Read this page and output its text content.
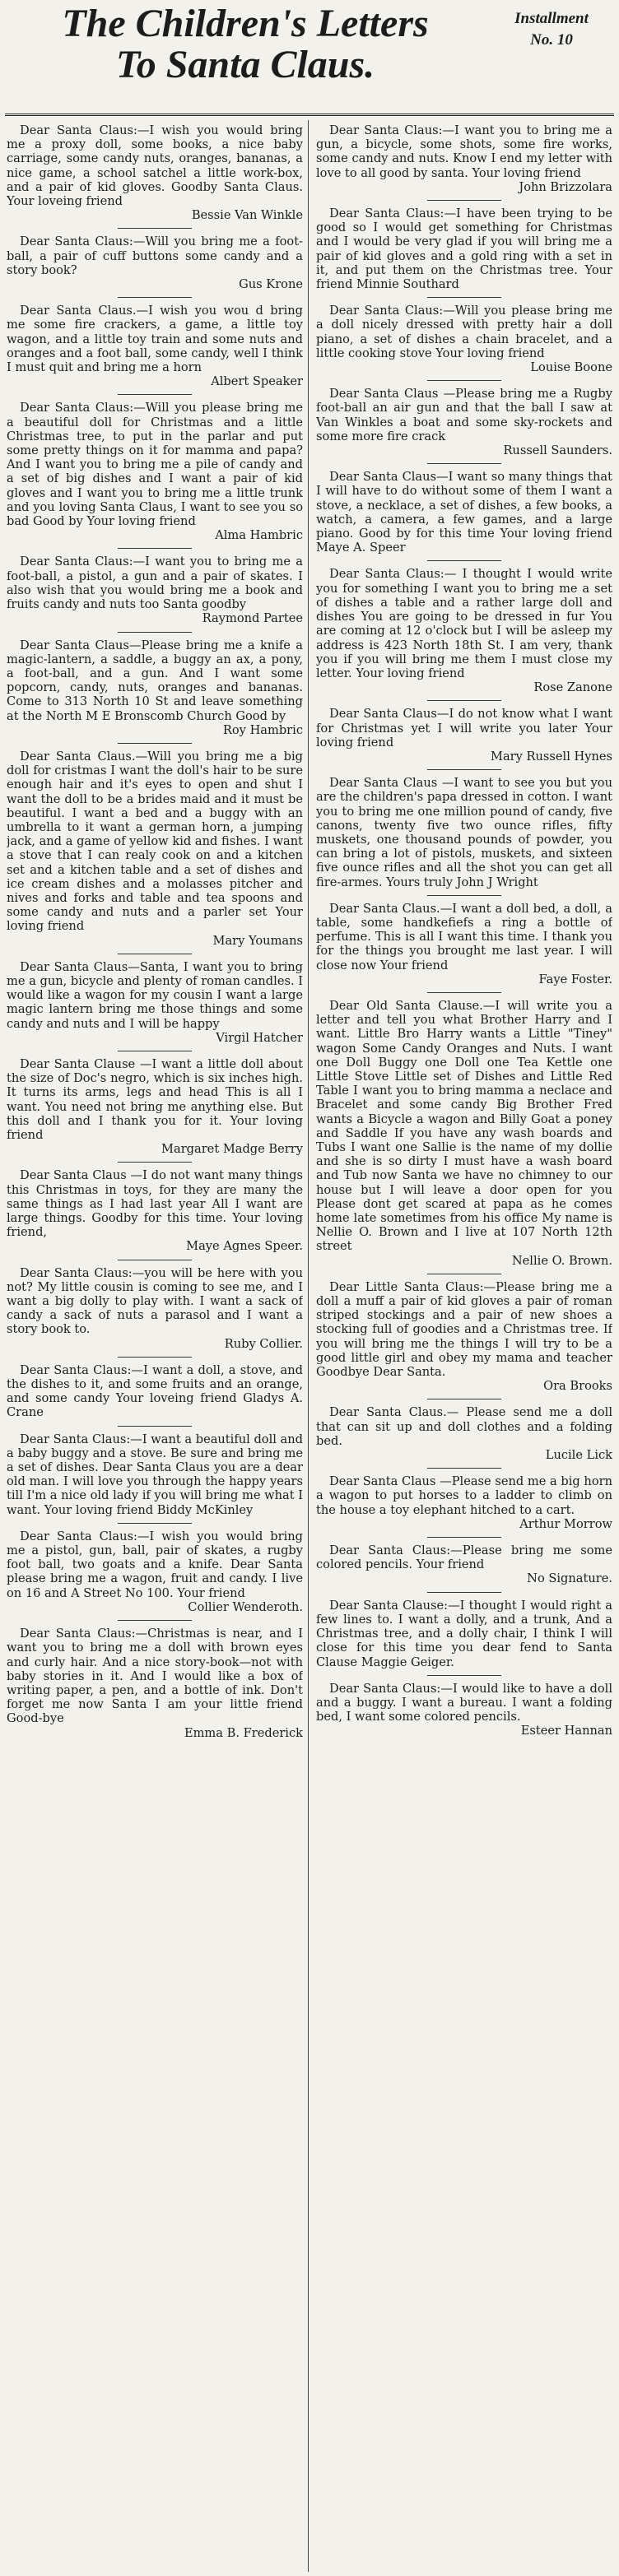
The Children's Letters
To Santa Claus.
Installment
No. 10

Dear Santa Claus:—I wish you would bring me a proxy doll, some books, a nice baby carriage, some candy nuts, oranges, bananas, a nice game, a school satchel a little work-box, and a pair of kid gloves. Goodby Santa Claus. Your loveing friend

Bessie Van Winkle

Dear Santa Claus:—Will you bring me a foot-ball, a pair of cuff buttons some candy and a story book?

Gus Krone

Dear Santa Claus.—I wish you wou d bring me some fire crackers, a game, a little toy wagon, and a little toy train and some nuts and oranges and a foot ball, some candy, well I think I must quit and bring me a horn

Albert Speaker

Dear Santa Claus:—Will you please bring me a beautiful doll for Christmas and a little Christmas tree, to put in the parlar and put some pretty things on it for mamma and papa? And I want you to bring me a pile of candy and a set of big dishes and I want a pair of kid gloves and I want you to bring me a little trunk and you loving Santa Claus, I want to see you so bad Good by Your loving friend

Alma Hambric

Dear Santa Claus:—I want you to bring me a foot-ball, a pistol, a gun and a pair of skates. I also wish that you would bring me a book and fruits candy and nuts too Santa goodby

Raymond Partee

Dear Santa Claus—Please bring me a knife a magic-lantern, a saddle, a buggy an ax, a pony, a foot-ball, and a gun. And I want some popcorn, candy, nuts, oranges and bananas. Come to 313 North 10 St and leave something at the North M E Bronscomb Church Good by

Roy Hambric

Dear Santa Claus.—Will you bring me a big doll for cristmas I want the doll's hair to be sure enough hair and it's eyes to open and shut I want the doll to be a brides maid and it must be beautiful. I want a bed and a buggy with an umbrella to it want a german horn, a jumping jack, and a game of yellow kid and fishes. I want a stove that I can realy cook on and a kitchen set and a kitchen table and a set of dishes and ice cream dishes and a molasses pitcher and nives and forks and table and tea spoons and some candy and nuts and a parler set Your loving friend

Mary Youmans

Dear Santa Claus—Santa, I want you to bring me a gun, bicycle and plenty of roman candles. I would like a wagon for my cousin I want a large magic lantern bring me those things and some candy and nuts and I will be happy

Virgil Hatcher

Dear Santa Clause —I want a little doll about the size of Doc's negro, which is six inches high. It turns its arms, legs and head This is all I want. You need not bring me anything else. But this doll and I thank you for it. Your loving friend

Margaret Madge Berry

Dear Santa Claus —I do not want many things this Christmas in toys, for they are many the same things as I had last year All I want are large things. Goodby for this time. Your loving friend,

Maye Agnes Speer.

Dear Santa Claus:—you will be here with you not? My little cousin is coming to see me, and I want a big dolly to play with. I want a sack of candy a sack of nuts a parasol and I want a story book to.

Ruby Collier.

Dear Santa Claus:—I want a doll, a stove, and the dishes to it, and some fruits and an orange, and some candy Your loveing friend Gladys A. Crane

Dear Santa Claus:—I want a beautiful doll and a baby buggy and a stove. Be sure and bring me a set of dishes. Dear Santa Claus you are a dear old man. I will love you through the happy years till I'm a nice old lady if you will bring me what I want. Your loving friend Biddy McKinley

Dear Santa Claus:—I wish you would bring me a pistol, gun, ball, pair of skates, a rugby foot ball, two goats and a knife. Dear Santa please bring me a wagon, fruit and candy. I live on 16 and A Street No 100. Your friend

Collier Wenderoth.

Dear Santa Claus:—Christmas is near, and I want you to bring me a doll with brown eyes and curly hair. And a nice story-book—not with baby stories in it. And I would like a box of writing paper, a pen, and a bottle of ink. Don't forget me now Santa I am your little friend Good-bye

Emma B. Frederick

Dear Santa Claus:—I want you to bring me a gun, a bicycle, some shots, some fire works, some candy and nuts. Know I end my letter with love to all good by santa. Your loving friend

John Brizzolara

Dear Santa Claus:—I have been trying to be good so I would get something for Christmas and I would be very glad if you will bring me a pair of kid gloves and a gold ring with a set in it, and put them on the Christmas tree. Your friend Minnie Southard

Dear Santa Claus:—Will you please bring me a doll nicely dressed with pretty hair a doll piano, a set of dishes a chain bracelet, and a little cooking stove Your loving friend

Louise Boone

Dear Santa Claus —Please bring me a Rugby foot-ball an air gun and that the ball I saw at Van Winkles a boat and some sky-rockets and some more fire crack

Russell Saunders.

Dear Santa Claus—I want so many things that I will have to do without some of them I want a stove, a necklace, a set of dishes, a few books, a watch, a camera, a few games, and a large piano. Good by for this time Your loving friend Maye A. Speer

Dear Santa Claus:— I thought I would write you for something I want you to bring me a set of dishes a table and a rather large doll and dishes You are going to be dressed in fur You are coming at 12 o'clock but I will be asleep my address is 423 North 18th St. I am very, thank you if you will bring me them I must close my letter. Your loving friend

Rose Zanone

Dear Santa Claus—I do not know what I want for Christmas yet I will write you later Your loving friend

Mary Russell Hynes

Dear Santa Claus —I want to see you but you are the children's papa dressed in cotton. I want you to bring me one million pound of candy, five canons, twenty five two ounce rifles, fifty muskets, one thousand pounds of powder, you can bring a lot of pistols, muskets, and sixteen five ounce rifles and all the shot you can get all fire-armes. Yours truly John J Wright

Dear Santa Claus.—I want a doll bed, a doll, a table, some handkefiefs a ring a bottle of perfume. This is all I want this time. I thank you for the things you brought me last year. I will close now Your friend

Faye Foster.

Dear Old Santa Clause.—I will write you a letter and tell you what Brother Harry and I want. Little Bro Harry wants a Little "Tiney" wagon Some Candy Oranges and Nuts. I want one Doll Buggy one Doll one Tea Kettle one Little Stove Little set of Dishes and Little Red Table I want you to bring mamma a neclace and Bracelet and some candy Big Brother Fred wants a Bicycle a wagon and Billy Goat a poney and Saddle If you have any wash boards and Tubs I want one Sallie is the name of my dollie and she is so dirty I must have a wash board and Tub now Santa we have no chimney to our house but I will leave a door open for you Please dont get scared at papa as he comes home late sometimes from his office My name is Nellie O. Brown and I live at 107 North 12th street

Nellie O. Brown.

Dear Little Santa Claus:—Please bring me a doll a muff a pair of kid gloves a pair of roman striped stockings and a pair of new shoes a stocking full of goodies and a Christmas tree. If you will bring me the things I will try to be a good little girl and obey my mama and teacher Goodbye Dear Santa.

Ora Brooks

Dear Santa Claus.— Please send me a doll that can sit up and doll clothes and a folding bed.

Lucile Lick

Dear Santa Claus —Please send me a big horn a wagon to put horses to a ladder to climb on the house a toy elephant hitched to a cart.

Arthur Morrow

Dear Santa Claus:—Please bring me some colored pencils. Your friend

No Signature.

Dear Santa Clause:—I thought I would right a few lines to. I want a dolly, and a trunk, And a Christmas tree, and a dolly chair, I think I will close for this time you dear fend to Santa Clause Maggie Geiger.

Dear Santa Claus:—I would like to have a doll and a buggy. I want a bureau. I want a folding bed, I want some colored pencils.

Esteer Hannan
